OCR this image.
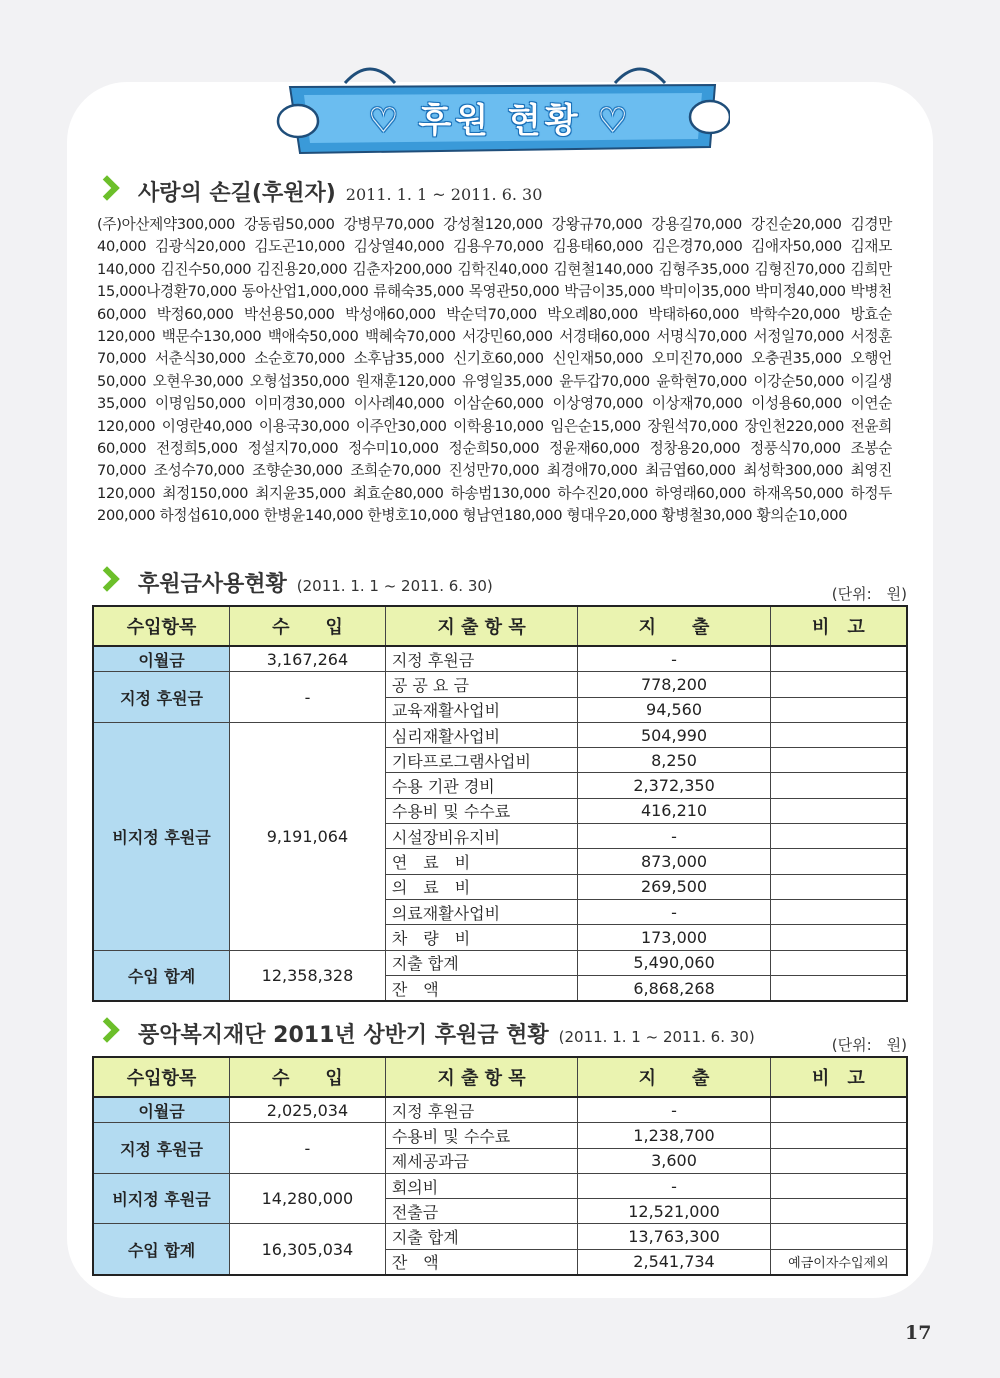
♡ 후원 현황 ♡
사랑의 손길(후원자) 2011. 1. 1 ~ 2011. 6. 30
(주)아산제약300,000 강동림50,000 강병무70,000 강성철120,000 강왕규70,000 강용길70,000 강진순20,000 김경만40,000 김광식20,000 김도곤10,000 김상열40,000 김용우70,000 김용태60,000 김은경70,000 김애자50,000 김재모140,000 김진수50,000 김진용20,000 김춘자200,000 김학진40,000 김현철140,000 김형주35,000 김형진70,000 김희만15,000나경환70,000 동아산업1,000,000 류해숙35,000 목영관50,000 박금이35,000 박미이35,000 박미정40,000 박병천60,000 박정60,000 박선용50,000 박성애60,000 박순덕70,000 박오례80,000 박태하60,000 박학수20,000 방효순120,000 백문수130,000 백애숙50,000 백혜숙70,000 서강민60,000 서경태60,000 서명식70,000 서정일70,000 서정훈70,000 서춘식30,000 소순호70,000 소후남35,000 신기호60,000 신인재50,000 오미진70,000 오충권35,000 오행언50,000 오현우30,000 오형섭350,000 원재훈120,000 유영일35,000 윤두갑70,000 윤학현70,000 이강순50,000 이길생35,000 이명임50,000 이미경30,000 이사례40,000 이삼순60,000 이상영70,000 이상재70,000 이성용60,000 이연순120,000 이영란40,000 이용국30,000 이주안30,000 이학용10,000 임은순15,000 장원석70,000 장인천220,000 전윤희60,000 전정희5,000 정설지70,000 정수미10,000 정순희50,000 정윤재60,000 정창용20,000 정풍식70,000 조봉순70,000 조성수70,000 조향순30,000 조희순70,000 진성만70,000 최경애70,000 최금엽60,000 최성학300,000 최영진120,000 최정150,000 최지윤35,000 최효순80,000 하송범130,000 하수진20,000 하영래60,000 하재옥50,000 하정두200,000 하정섭610,000 한병윤140,000 한병호10,000 형남연180,000 형대우20,000 황병철30,000 황의순10,000
후원금사용현황 (2011. 1. 1 ~ 2011. 6. 30)	(단위:　원)
수입항목	수　　입	지 출 항 목	지　　출	비　고
이월금	3,167,264	지정 후원금	-	
지정 후원금	-	공 공 요 금	778,200	
		교육재활사업비	94,560	
비지정 후원금	9,191,064	심리재활사업비	504,990	
		기타프로그램사업비	8,250	
		수용 기관 경비	2,372,350	
		수용비 및 수수료	416,210	
		시설장비유지비	-	
		연　료　비	873,000	
		의　료　비	269,500	
		의료재활사업비	-	
		차　량　비	173,000	
수입 합계	12,358,328	지출 합계	5,490,060	
		잔　액	6,868,268	
풍악복지재단 2011년 상반기 후원금 현황 (2011. 1. 1 ~ 2011. 6. 30)	(단위:　원)
수입항목	수　　입	지 출 항 목	지　　출	비　고
이월금	2,025,034	지정 후원금	-	
지정 후원금	-	수용비 및 수수료	1,238,700	
		제세공과금	3,600	
비지정 후원금	14,280,000	회의비	-	
		전출금	12,521,000	
수입 합계	16,305,034	지출 합계	13,763,300	
		잔　액	2,541,734	예금이자수입제외
17
